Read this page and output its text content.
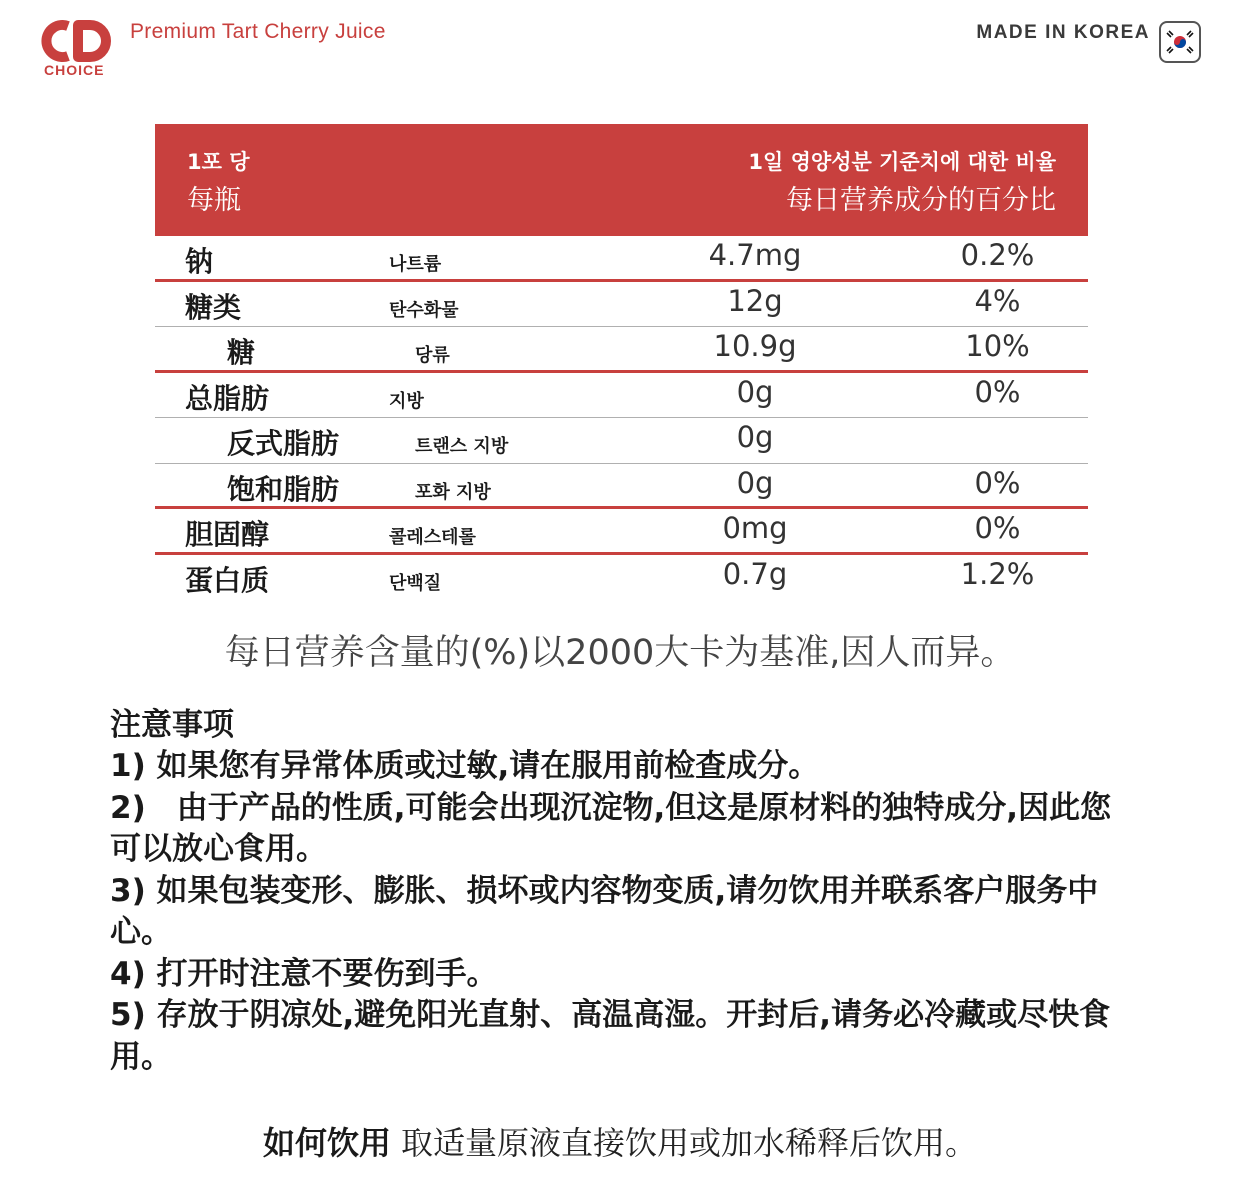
CHOICE
Premium Tart Cherry Juice	MADE IN KOREA
1포 당
每瓶
1일 영양성분 기준치에 대한 비율
每日营养成分的百分比
钠	나트륨	4.7mg	0.2%
糖类	탄수화물	12g	4%
糖	당류	10.9g	10%
总脂肪	지방	0g	0%
反式脂肪	트랜스 지방	0g
饱和脂肪	포화 지방	0g	0%
胆固醇	콜레스테롤	0mg	0%
蛋白质	단백질	0.7g	1.2%
每日营养含量的(%)以2000大卡为基准,因人而异。
注意事项
1) 如果您有异常体质或过敏,请在服用前检查成分。
2)　由于产品的性质,可能会出现沉淀物,但这是原材料的独特成分,因此您可以放心食用。
3) 如果包装变形、膨胀、损坏或内容物变质,请勿饮用并联系客户服务中心。
4) 打开时注意不要伤到手。
5) 存放于阴凉处,避免阳光直射、高温高湿。开封后,请务必冷藏或尽快食用。
如何饮用 取适量原液直接饮用或加水稀释后饮用。
